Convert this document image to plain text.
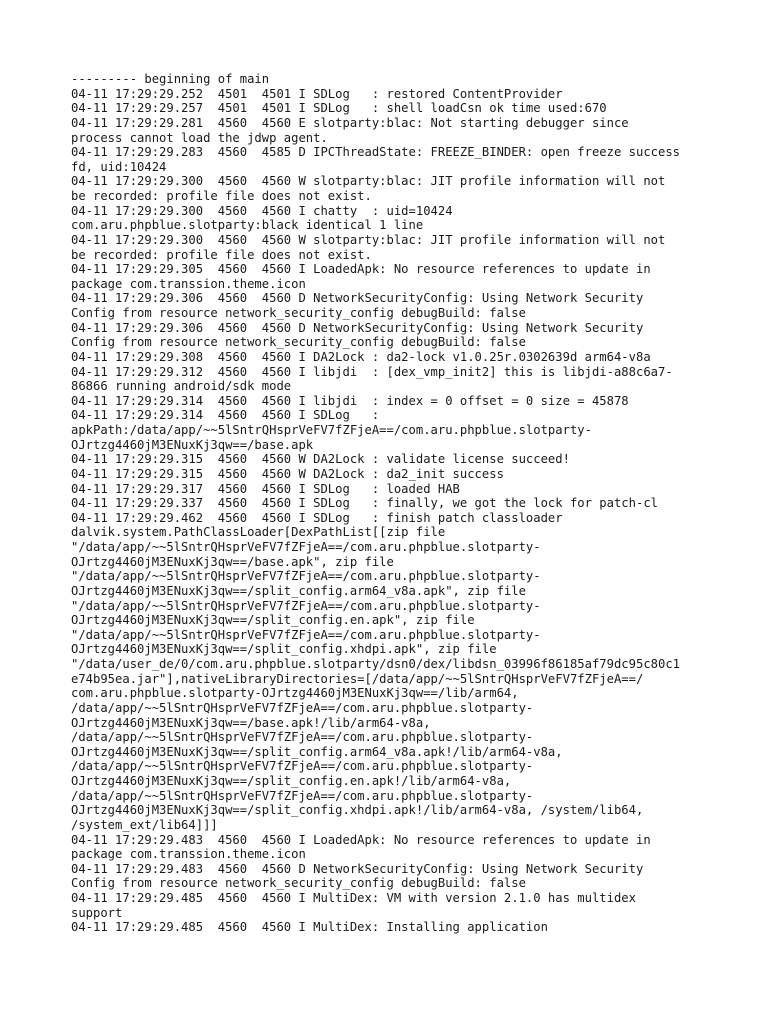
--------- beginning of main
04-11 17:29:29.252  4501  4501 I SDLog   : restored ContentProvider
04-11 17:29:29.257  4501  4501 I SDLog   : shell loadCsn ok time used:670
04-11 17:29:29.281  4560  4560 E slotparty:blac: Not starting debugger since
process cannot load the jdwp agent.
04-11 17:29:29.283  4560  4585 D IPCThreadState: FREEZE_BINDER: open freeze success
fd, uid:10424
04-11 17:29:29.300  4560  4560 W slotparty:blac: JIT profile information will not
be recorded: profile file does not exist.
04-11 17:29:29.300  4560  4560 I chatty  : uid=10424
com.aru.phpblue.slotparty:black identical 1 line
04-11 17:29:29.300  4560  4560 W slotparty:blac: JIT profile information will not
be recorded: profile file does not exist.
04-11 17:29:29.305  4560  4560 I LoadedApk: No resource references to update in
package com.transsion.theme.icon
04-11 17:29:29.306  4560  4560 D NetworkSecurityConfig: Using Network Security
Config from resource network_security_config debugBuild: false
04-11 17:29:29.306  4560  4560 D NetworkSecurityConfig: Using Network Security
Config from resource network_security_config debugBuild: false
04-11 17:29:29.308  4560  4560 I DA2Lock : da2-lock v1.0.25r.0302639d arm64-v8a
04-11 17:29:29.312  4560  4560 I libjdi  : [dex_vmp_init2] this is libjdi-a88c6a7-
86866 running android/sdk mode
04-11 17:29:29.314  4560  4560 I libjdi  : index = 0 offset = 0 size = 45878
04-11 17:29:29.314  4560  4560 I SDLog   :
apkPath:/data/app/~~5lSntrQHsprVeFV7fZFjeA==/com.aru.phpblue.slotparty-
OJrtzg4460jM3ENuxKj3qw==/base.apk
04-11 17:29:29.315  4560  4560 W DA2Lock : validate license succeed!
04-11 17:29:29.315  4560  4560 W DA2Lock : da2_init success
04-11 17:29:29.317  4560  4560 I SDLog   : loaded HAB
04-11 17:29:29.337  4560  4560 I SDLog   : finally, we got the lock for patch-cl
04-11 17:29:29.462  4560  4560 I SDLog   : finish patch classloader
dalvik.system.PathClassLoader[DexPathList[[zip file
"/data/app/~~5lSntrQHsprVeFV7fZFjeA==/com.aru.phpblue.slotparty-
OJrtzg4460jM3ENuxKj3qw==/base.apk", zip file
"/data/app/~~5lSntrQHsprVeFV7fZFjeA==/com.aru.phpblue.slotparty-
OJrtzg4460jM3ENuxKj3qw==/split_config.arm64_v8a.apk", zip file
"/data/app/~~5lSntrQHsprVeFV7fZFjeA==/com.aru.phpblue.slotparty-
OJrtzg4460jM3ENuxKj3qw==/split_config.en.apk", zip file
"/data/app/~~5lSntrQHsprVeFV7fZFjeA==/com.aru.phpblue.slotparty-
OJrtzg4460jM3ENuxKj3qw==/split_config.xhdpi.apk", zip file
"/data/user_de/0/com.aru.phpblue.slotparty/dsn0/dex/libdsn_03996f86185af79dc95c80c1
e74b95ea.jar"],nativeLibraryDirectories=[/data/app/~~5lSntrQHsprVeFV7fZFjeA==/
com.aru.phpblue.slotparty-OJrtzg4460jM3ENuxKj3qw==/lib/arm64,
/data/app/~~5lSntrQHsprVeFV7fZFjeA==/com.aru.phpblue.slotparty-
OJrtzg4460jM3ENuxKj3qw==/base.apk!/lib/arm64-v8a,
/data/app/~~5lSntrQHsprVeFV7fZFjeA==/com.aru.phpblue.slotparty-
OJrtzg4460jM3ENuxKj3qw==/split_config.arm64_v8a.apk!/lib/arm64-v8a,
/data/app/~~5lSntrQHsprVeFV7fZFjeA==/com.aru.phpblue.slotparty-
OJrtzg4460jM3ENuxKj3qw==/split_config.en.apk!/lib/arm64-v8a,
/data/app/~~5lSntrQHsprVeFV7fZFjeA==/com.aru.phpblue.slotparty-
OJrtzg4460jM3ENuxKj3qw==/split_config.xhdpi.apk!/lib/arm64-v8a, /system/lib64,
/system_ext/lib64]]]
04-11 17:29:29.483  4560  4560 I LoadedApk: No resource references to update in
package com.transsion.theme.icon
04-11 17:29:29.483  4560  4560 D NetworkSecurityConfig: Using Network Security
Config from resource network_security_config debugBuild: false
04-11 17:29:29.485  4560  4560 I MultiDex: VM with version 2.1.0 has multidex
support
04-11 17:29:29.485  4560  4560 I MultiDex: Installing application
